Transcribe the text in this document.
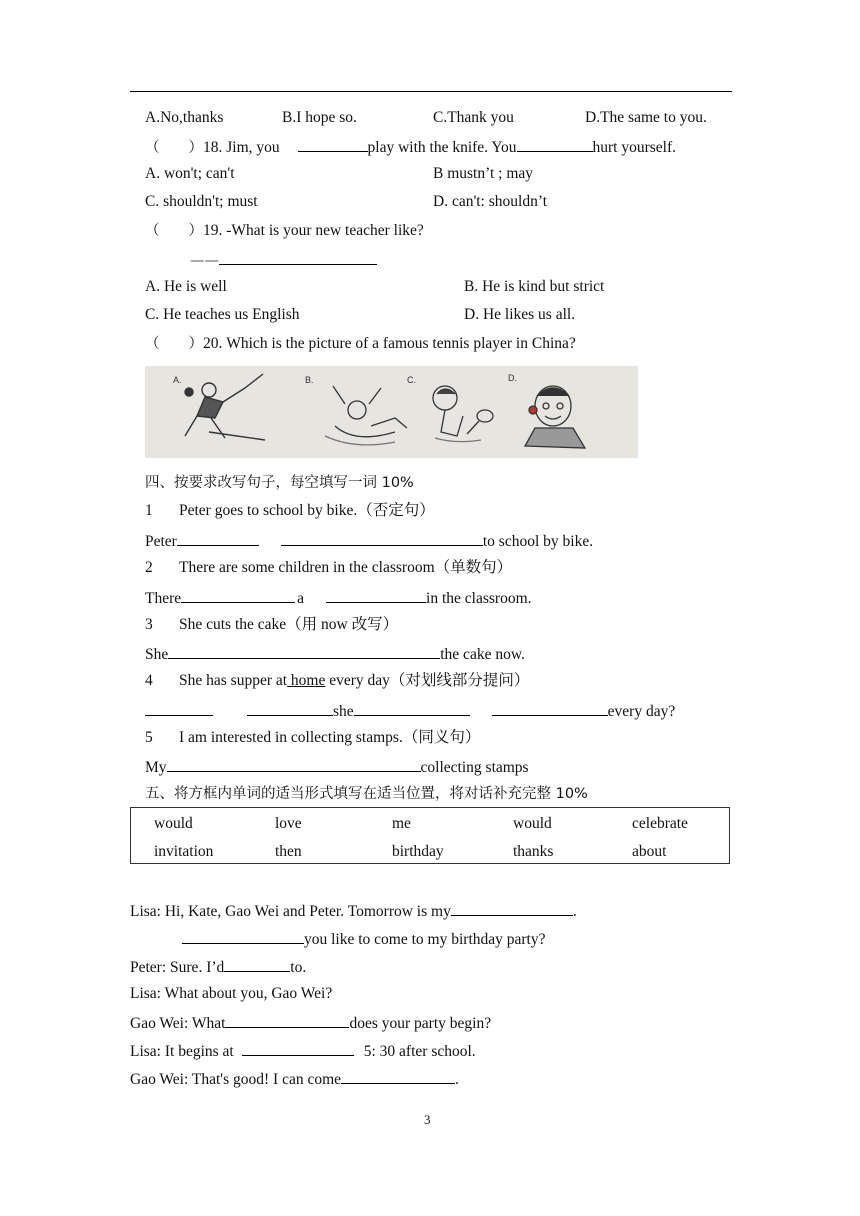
A.No,thanks	B.I hope so.	C.Thank you	D.The same to you.
（　　）18. Jim, you	play with the knife. You	hurt yourself.
A. won't; can't	B mustn’t ; may
C. shouldn't; must	D. can't: shouldn’t
（　　）19. -What is your new teacher like?
——
A. He is well	B. He is kind but strict
C. He teaches us English	D. He likes us all.
（　　）20. Which is the picture of a famous tennis player in China?
A.	B.	C.	D.
四、按要求改写句子，每空填写一词 10%
1 Peter goes to school by bike.（否定句）
Peter	to school by bike.
2 There are some children in the classroom（单数句）
There	a	in the classroom.
3 She cuts the cake（用 now 改写）
She	the cake now.
4 She has supper at home every day（对划线部分提问）
she	every day?
5 I am interested in collecting stamps.（同义句）
My	collecting stamps
五、将方框内单词的适当形式填写在适当位置，将对话补充完整 10%
would	love	me	would	celebrate
invitation	then	birthday	thanks	about
Lisa: Hi, Kate, Gao Wei and Peter. Tomorrow is my	.
you like to come to my birthday party?
Peter: Sure. I’d	to.
Lisa: What about you, Gao Wei?
Gao Wei: What	does your party begin?
Lisa: It begins at	5: 30 after school.
Gao Wei: That's good! I can come	.
3
